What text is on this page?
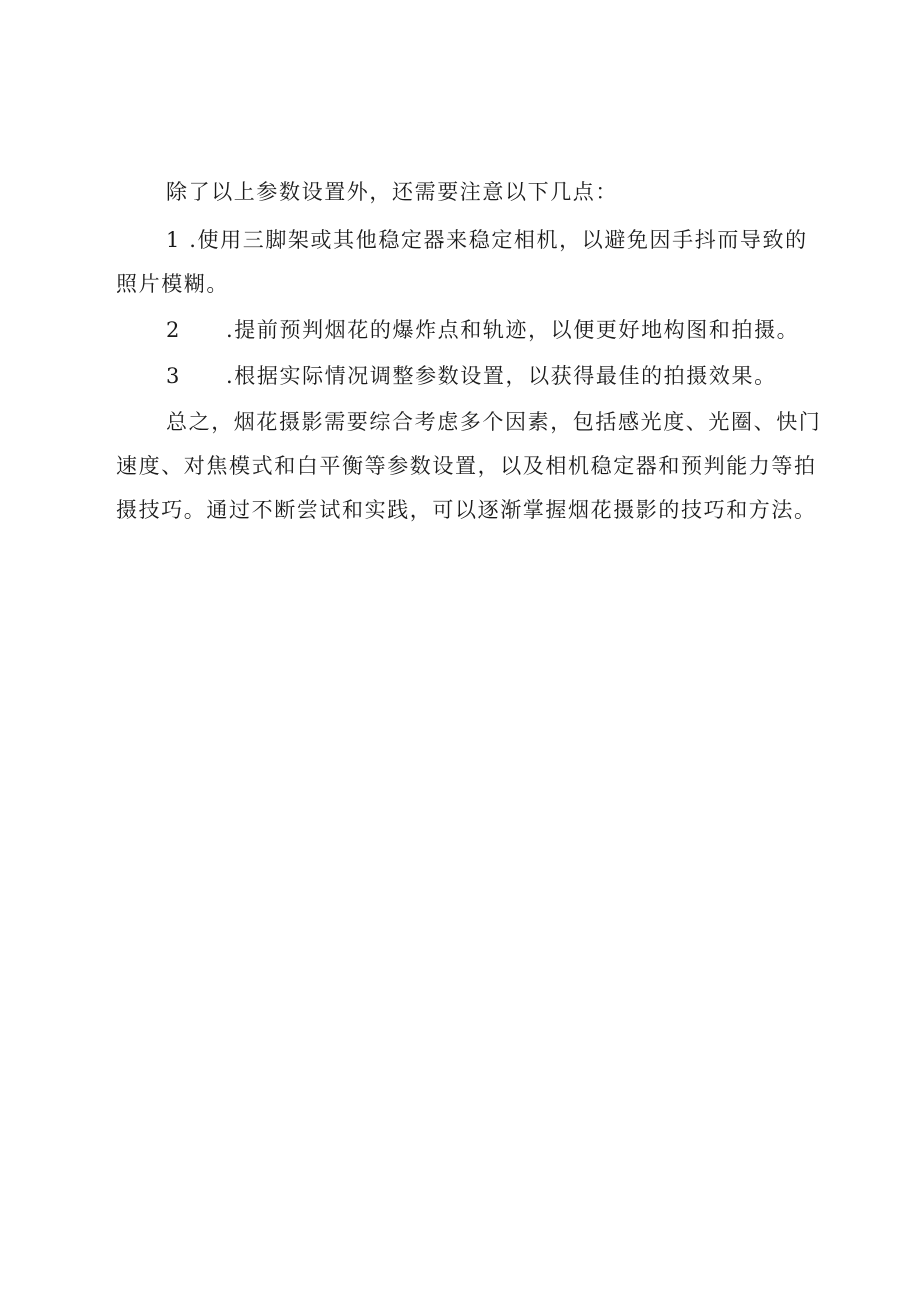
除了以上参数设置外，还需要注意以下几点：

1 .使用三脚架或其他稳定器来稳定相机，以避免因手抖而导致的照片模糊。

2	.提前预判烟花的爆炸点和轨迹，以便更好地构图和拍摄。
3	.根据实际情况调整参数设置，以获得最佳的拍摄效果。

总之，烟花摄影需要综合考虑多个因素，包括感光度、光圈、快门速度、对焦模式和白平衡等参数设置，以及相机稳定器和预判能力等拍摄技巧。通过不断尝试和实践，可以逐渐掌握烟花摄影的技巧和方法。
